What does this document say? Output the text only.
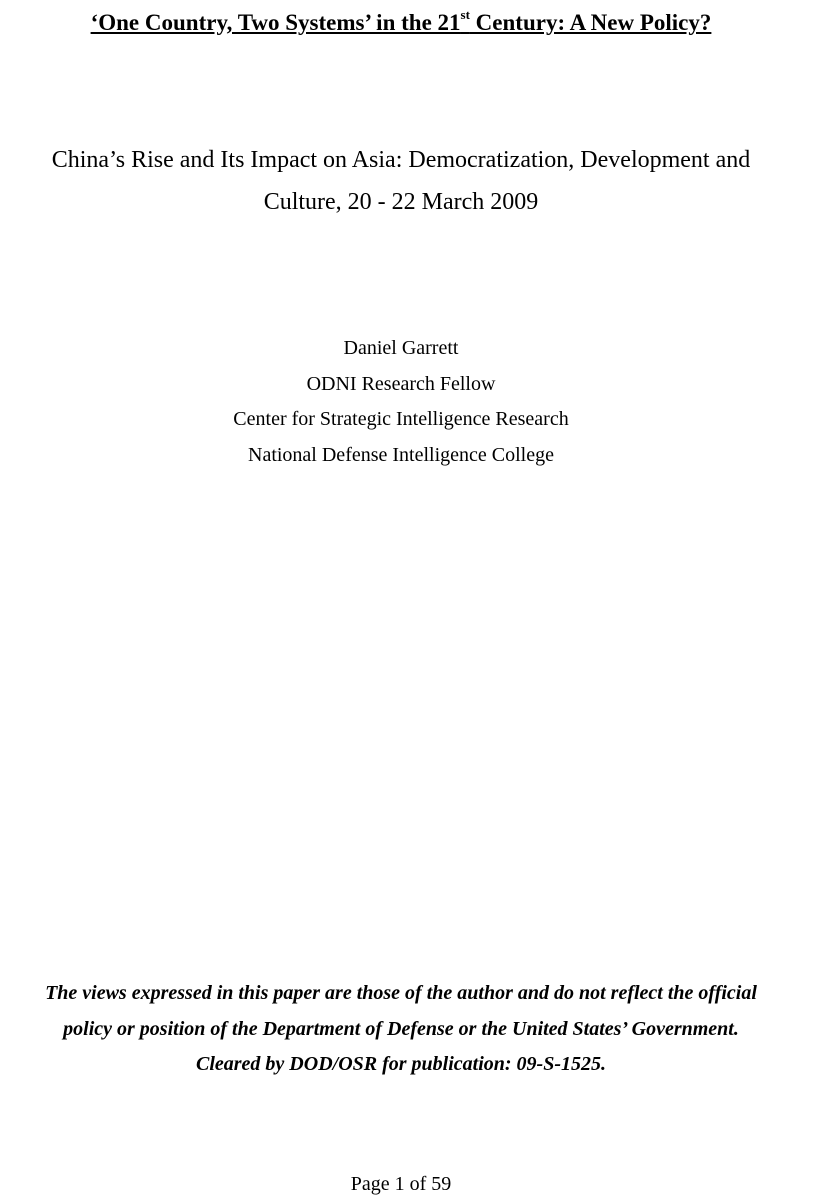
‘One Country, Two Systems’ in the 21st Century: A New Policy?
China’s Rise and Its Impact on Asia: Democratization, Development and
Culture, 20 - 22 March 2009
Daniel Garrett
ODNI Research Fellow
Center for Strategic Intelligence Research
National Defense Intelligence College
The views expressed in this paper are those of the author and do not reflect the official
policy or position of the Department of Defense or the United States’ Government.
Cleared by DOD/OSR for publication: 09-S-1525.
Page 1 of 59
